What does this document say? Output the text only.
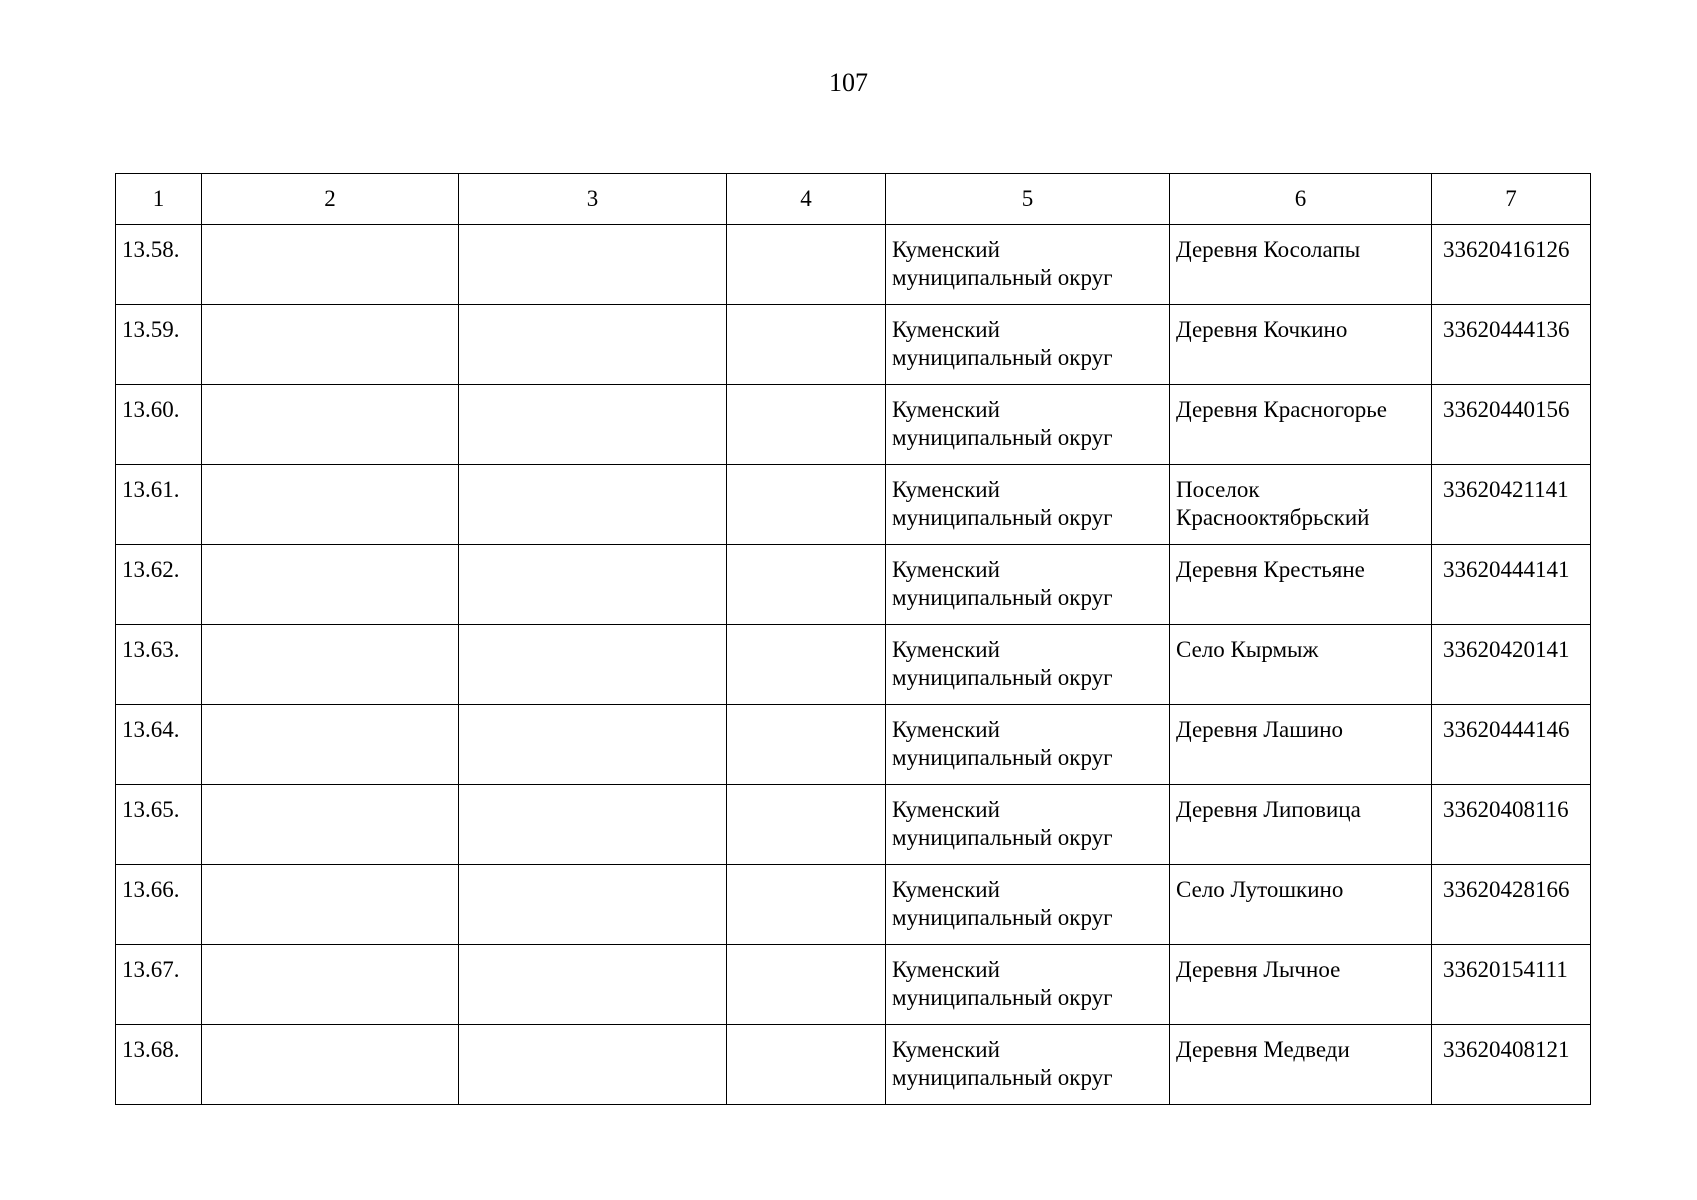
107
1	2	3	4	5	6	7

13.58.				Куменский муниципальный округ	Деревня Косолапы	33620416126

13.59.				Куменский муниципальный округ	Деревня Кочкино	33620444136

13.60.				Куменский муниципальный округ	Деревня Красногорье	33620440156

13.61.				Куменский муниципальный округ	Поселок Краснооктябрьский	33620421141

13.62.				Куменский муниципальный округ	Деревня Крестьяне	33620444141

13.63.				Куменский муниципальный округ	Село Кырмыж	33620420141

13.64.				Куменский муниципальный округ	Деревня Лашино	33620444146

13.65.				Куменский муниципальный округ	Деревня Липовица	33620408116

13.66.				Куменский муниципальный округ	Село Лутошкино	33620428166

13.67.				Куменский муниципальный округ	Деревня Лычное	33620154111

13.68.				Куменский муниципальный округ	Деревня Медведи	33620408121
